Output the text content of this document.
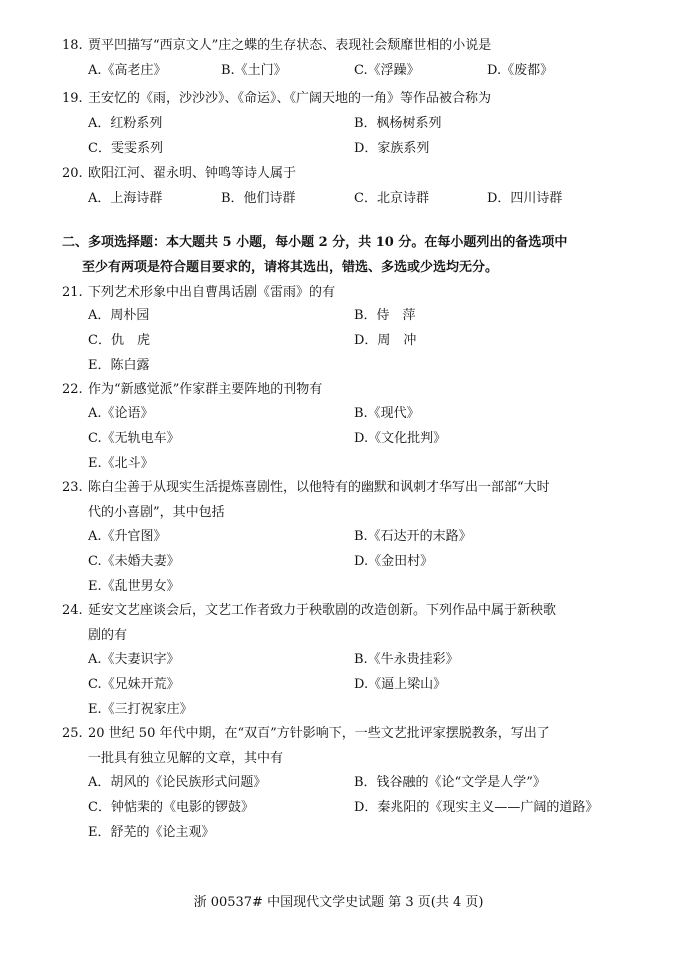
18. 贾平凹描写“西京文人”庄之蝶的生存状态、表现社会颓靡世相的小说是
A.《高老庄》	B.《土门》	C.《浮躁》	D.《废都》
19. 王安忆的《雨，沙沙沙》、《命运》、《广阔天地的一角》等作品被合称为
A．红粉系列	B．枫杨树系列
C．雯雯系列	D．家族系列
20. 欧阳江河、翟永明、钟鸣等诗人属于
A．上海诗群	B．他们诗群	C．北京诗群	D．四川诗群
二、多项选择题：本大题共 5 小题，每小题 2 分，共 10 分。在每小题列出的备选项中
至少有两项是符合题目要求的，请将其选出，错选、多选或少选均无分。
21. 下列艺术形象中出自曹禺话剧《雷雨》的有
A．周朴园	B．侍　萍
C．仇　虎	D．周　冲
E．陈白露
22. 作为“新感觉派”作家群主要阵地的刊物有
A.《论语》	B.《现代》
C.《无轨电车》	D.《文化批判》
E.《北斗》
23. 陈白尘善于从现实生活提炼喜剧性，以他特有的幽默和讽刺才华写出一部部“大时
代的小喜剧”，其中包括
A.《升官图》	B.《石达开的末路》
C.《未婚夫妻》	D.《金田村》
E.《乱世男女》
24. 延安文艺座谈会后，文艺工作者致力于秧歌剧的改造创新。下列作品中属于新秧歌
剧的有
A.《夫妻识字》	B.《牛永贵挂彩》
C.《兄妹开荒》	D.《逼上梁山》
E.《三打祝家庄》
25. 20 世纪 50 年代中期，在“双百”方针影响下，一些文艺批评家摆脱教条，写出了
一批具有独立见解的文章，其中有
A．胡风的《论民族形式问题》	B．钱谷融的《论“文学是人学”》
C．钟惦棐的《电影的锣鼓》	D．秦兆阳的《现实主义——广阔的道路》
E．舒芜的《论主观》
浙 00537# 中国现代文学史试题 第 3 页(共 4 页)
